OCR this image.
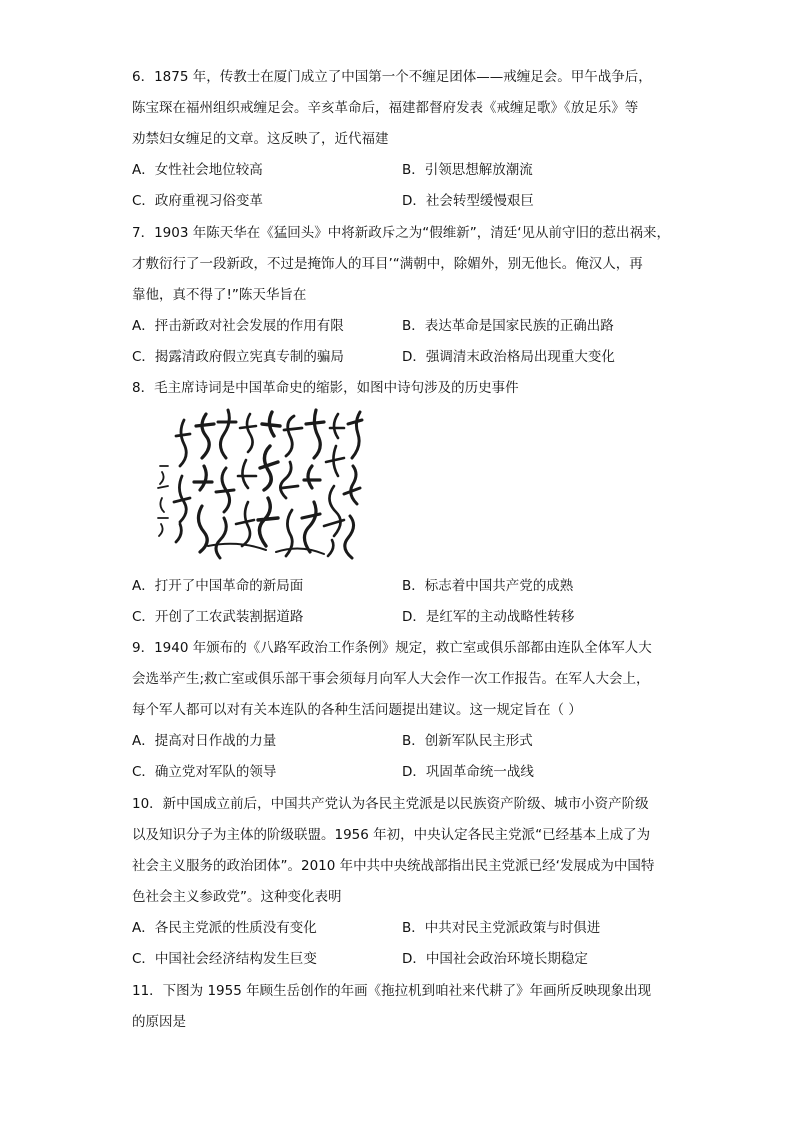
6．1875 年，传教士在厦门成立了中国第一个不缠足团体——戒缠足会。甲午战争后，

陈宝琛在福州组织戒缠足会。辛亥革命后，福建都督府发表《戒缠足歌》《放足乐》等

劝禁妇女缠足的文章。这反映了，近代福建

A．女性社会地位较高	B．引领思想解放潮流
C．政府重视习俗变革	D．社会转型缓慢艰巨

7．1903 年陈天华在《猛回头》中将新政斥之为“假维新”，清廷‘见从前守旧的惹出祸来，

才敷衍行了一段新政，不过是掩饰人的耳目’“满朝中，除媚外，别无他长。俺汉人，再

靠他，真不得了!”陈天华旨在

A．抨击新政对社会发展的作用有限	B．表达革命是国家民族的正确出路
C．揭露清政府假立宪真专制的骗局	D．强调清末政治格局出现重大变化

8．毛主席诗词是中国革命史的缩影，如图中诗句涉及的历史事件

A．打开了中国革命的新局面	B．标志着中国共产党的成熟
C．开创了工农武装割据道路	D．是红军的主动战略性转移

9．1940 年颁布的《八路军政治工作条例》规定，救亡室或俱乐部都由连队全体军人大

会选举产生;救亡室或俱乐部干事会须每月向军人大会作一次工作报告。在军人大会上，

每个军人都可以对有关本连队的各种生活问题提出建议。这一规定旨在（ ）

A．提高对日作战的力量	B．创新军队民主形式
C．确立党对军队的领导	D．巩固革命统一战线

10．新中国成立前后，中国共产党认为各民主党派是以民族资产阶级、城市小资产阶级

以及知识分子为主体的阶级联盟。1956 年初，中央认定各民主党派“已经基本上成了为

社会主义服务的政治团体”。2010 年中共中央统战部指出民主党派已经‘发展成为中国特

色社会主义参政党”。这种变化表明

A．各民主党派的性质没有变化	B．中共对民主党派政策与时俱进
C．中国社会经济结构发生巨变	D．中国社会政治环境长期稳定

11．下图为 1955 年顾生岳创作的年画《拖拉机到咱社来代耕了》年画所反映现象出现

的原因是
